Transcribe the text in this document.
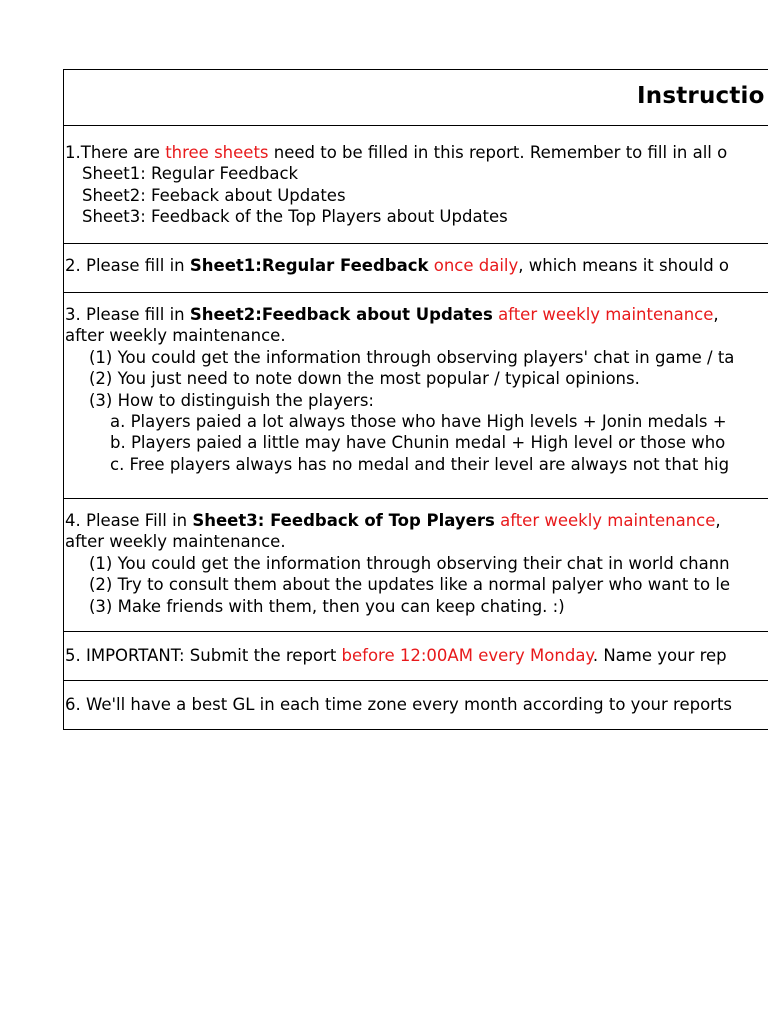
Instructio
1.There are three sheets need to be filled in this report. Remember to fill in all o
Sheet1: Regular Feedback
Sheet2: Feeback about Updates
Sheet3: Feedback of the Top Players about Updates
2. Please fill in Sheet1:Regular Feedback once daily, which means it should o
3. Please fill in Sheet2:Feedback about Updates after weekly maintenance,
after weekly maintenance.
(1) You could get the information through observing players' chat in game / ta
(2) You just need to note down the most popular / typical opinions.
(3) How to distinguish the players:
a. Players paied a lot always those who have High levels + Jonin medals +
b. Players paied a little may have Chunin medal + High level or those who
c. Free players always has no medal and their level are always not that hig
4. Please Fill in Sheet3: Feedback of Top Players after weekly maintenance,
after weekly maintenance.
(1) You could get the information through observing their chat in world chann
(2) Try to consult them about the updates like a normal palyer who want to le
(3) Make friends with them, then you can keep chating. :)
5. IMPORTANT: Submit the report before 12:00AM every Monday. Name your rep
6. We'll have a best GL in each time zone every month according to your reports
